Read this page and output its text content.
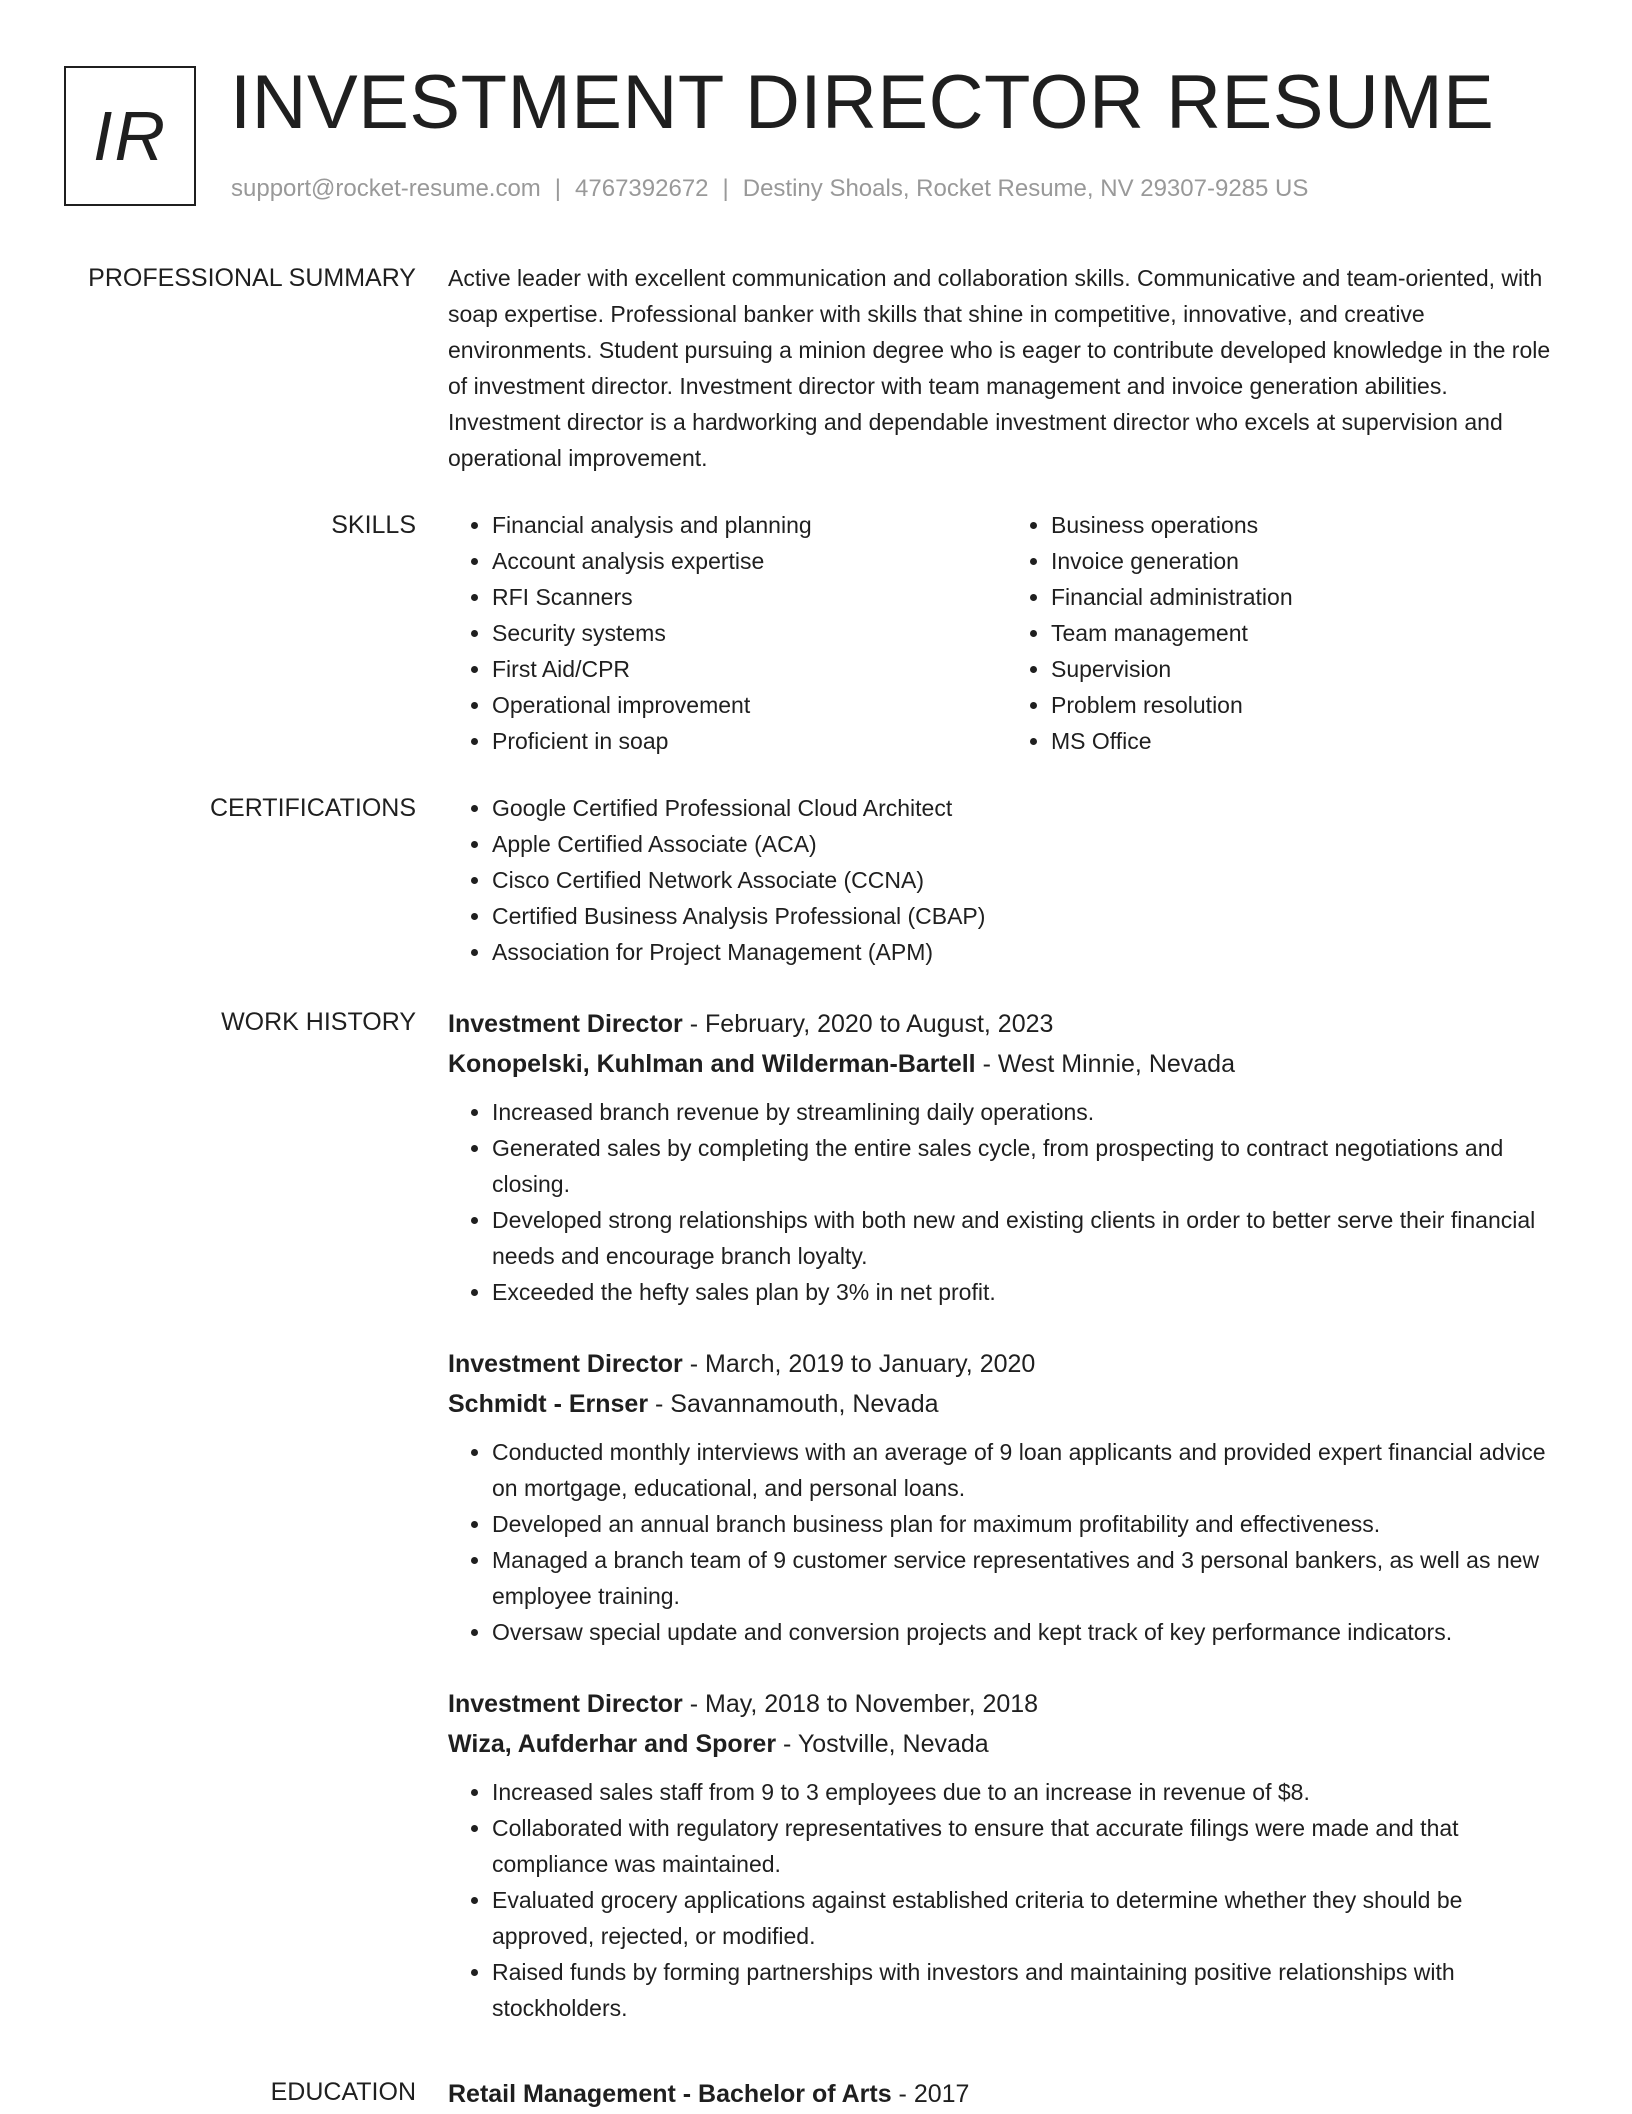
IR INVESTMENT DIRECTOR RESUME
support@rocket-resume.com | 4767392672 | Destiny Shoals, Rocket Resume, NV 29307-9285 US
PROFESSIONAL SUMMARY Active leader with excellent communication and collaboration skills. Communicative and team-oriented, with soap expertise. Professional banker with skills that shine in competitive, innovative, and creative environments. Student pursuing a minion degree who is eager to contribute developed knowledge in the role of investment director. Investment director with team management and invoice generation abilities. Investment director is a hardworking and dependable investment director who excels at supervision and operational improvement.

SKILLS	• Financial analysis and planning
• Account analysis expertise
• RFI Scanners
• Security systems
• First Aid/CPR
• Operational improvement
• Proficient in soap
• Business operations
• Invoice generation
• Financial administration
• Team management
• Supervision
• Problem resolution
• MS Office
CERTIFICATIONS	• Google Certified Professional Cloud Architect
• Apple Certified Associate (ACA)
• Cisco Certified Network Associate (CCNA)
• Certified Business Analysis Professional (CBAP)
• Association for Project Management (APM)
WORK HISTORY Investment Director - February, 2020 to August, 2023
Konopelski, Kuhlman and Wilderman-Bartell - West Minnie, Nevada
• Increased branch revenue by streamlining daily operations.
• Generated sales by completing the entire sales cycle, from prospecting to contract negotiations and closing.
• Developed strong relationships with both new and existing clients in order to better serve their financial needs and encourage branch loyalty.
• Exceeded the hefty sales plan by 3% in net profit.
Investment Director - March, 2019 to January, 2020
Schmidt - Ernser - Savannamouth, Nevada
• Conducted monthly interviews with an average of 9 loan applicants and provided expert financial advice on mortgage, educational, and personal loans.
• Developed an annual branch business plan for maximum profitability and effectiveness.
• Managed a branch team of 9 customer service representatives and 3 personal bankers, as well as new employee training.
• Oversaw special update and conversion projects and kept track of key performance indicators.
Investment Director - May, 2018 to November, 2018
Wiza, Aufderhar and Sporer - Yostville, Nevada
• Increased sales staff from 9 to 3 employees due to an increase in revenue of $8.
• Collaborated with regulatory representatives to ensure that accurate filings were made and that compliance was maintained.
• Evaluated grocery applications against established criteria to determine whether they should be approved, rejected, or modified.
• Raised funds by forming partnerships with investors and maintaining positive relationships with stockholders.
EDUCATION Retail Management - Bachelor of Arts - 2017
